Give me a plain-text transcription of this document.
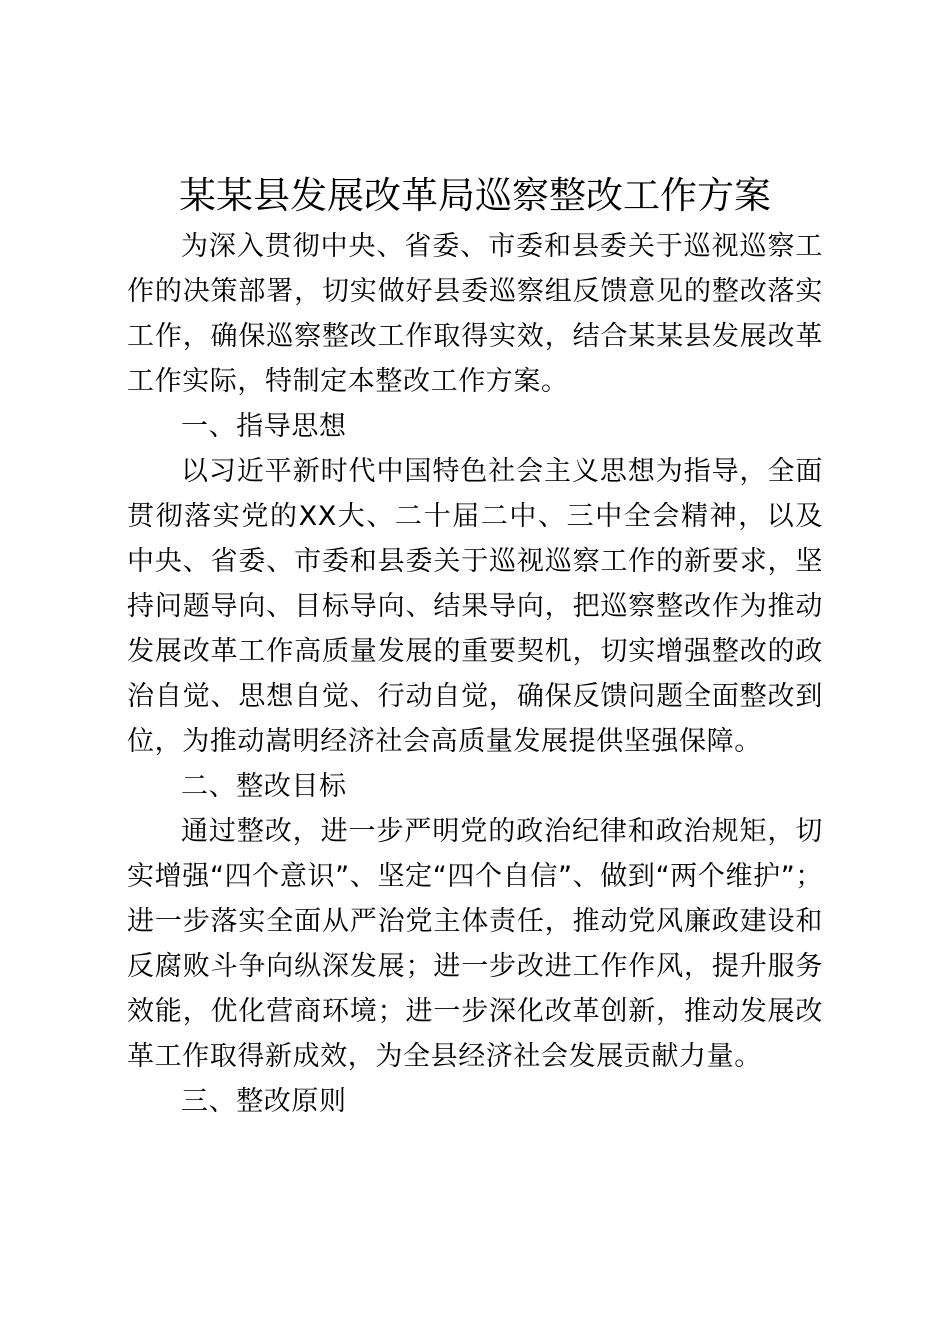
某某县发展改革局巡察整改工作方案

为深入贯彻中央、省委、市委和县委关于巡视巡察工作的决策部署，切实做好县委巡察组反馈意见的整改落实工作，确保巡察整改工作取得实效，结合某某县发展改革工作实际，特制定本整改工作方案。

一、指导思想

以习近平新时代中国特色社会主义思想为指导，全面贯彻落实党的XX大、二十届二中、三中全会精神，以及中央、省委、市委和县委关于巡视巡察工作的新要求，坚持问题导向、目标导向、结果导向，把巡察整改作为推动发展改革工作高质量发展的重要契机，切实增强整改的政治自觉、思想自觉、行动自觉，确保反馈问题全面整改到位，为推动嵩明经济社会高质量发展提供坚强保障。

二、整改目标

通过整改，进一步严明党的政治纪律和政治规矩，切实增强“四个意识”、坚定“四个自信”、做到“两个维护”；进一步落实全面从严治党主体责任，推动党风廉政建设和反腐败斗争向纵深发展；进一步改进工作作风，提升服务效能，优化营商环境；进一步深化改革创新，推动发展改革工作取得新成效，为全县经济社会发展贡献力量。

三、整改原则
